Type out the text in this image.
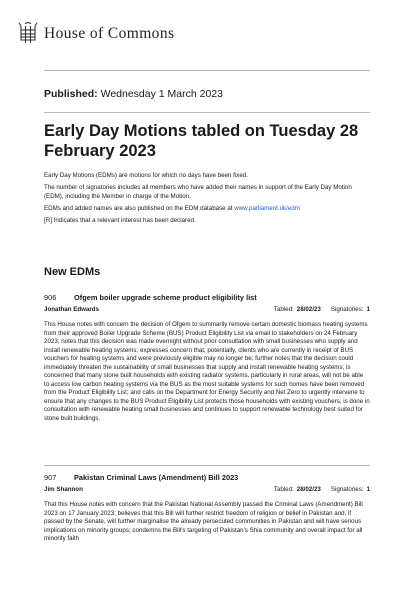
House of Commons
Published: Wednesday 1 March 2023
Early Day Motions tabled on Tuesday 28 February 2023

Early Day Motions (EDMs) are motions for which no days have been fixed.

The number of signatories includes all members who have added their names in support of the Early Day Motion (EDM), including the Member in charge of the Motion.

EDMs and added names are also published on the EDM database at www.parliament.uk/edm

[R] Indicates that a relevant interest has been declared.

New EDMs
906	Ofgem boiler upgrade scheme product eligibility list
Tabled: 28/02/23 Signatories: 1
Jonathan Edwards
This House notes with concern the decision of Ofgem to summarily remove certain domestic biomass heating systems from their approved Boiler Upgrade Scheme (BUS) Product Eligibility List via email to stakeholders on 24 February 2023; notes that this decision was made overnight without prior consultation with small businesses who supply and install renewable heating systems; expresses concern that, potentially, clients who are currently in receipt of BUS vouchers for heating systems and were previously eligible may no longer be; further notes that the decision could immediately threaten the sustainability of small businesses that supply and install renewable heating systems; is concerned that many stone built households with existing radiator systems, particularly in rural areas, will not be able to access low carbon heating systems via the BUS as the most suitable systems for such homes have been removed from the Product Eligibility List; and calls on the Department for Energy Security and Net Zero to urgently intervene to ensure that any changes to the BUS Product Eligibility List protects those households with existing vouchers, is done in consultation with renewable heating small businesses and continues to support renewable technology best suited for stone built buildings.
907	Pakistan Criminal Laws (Amendment) Bill 2023
Tabled: 28/02/23 Signatories: 1
Jim Shannon
That this House notes with concern that the Pakistan National Assembly passed the Criminal Laws (Amendment) Bill 2023 on 17 January 2023; believes that this Bill will further restrict freedom of religion or belief in Pakistan and, if passed by the Senate, will further marginalise the already persecuted communities in Pakistan and will have serious implications on minority groups; condemns the Bill's targeting of Pakistan's Shia community and overall impact for all minority faith
